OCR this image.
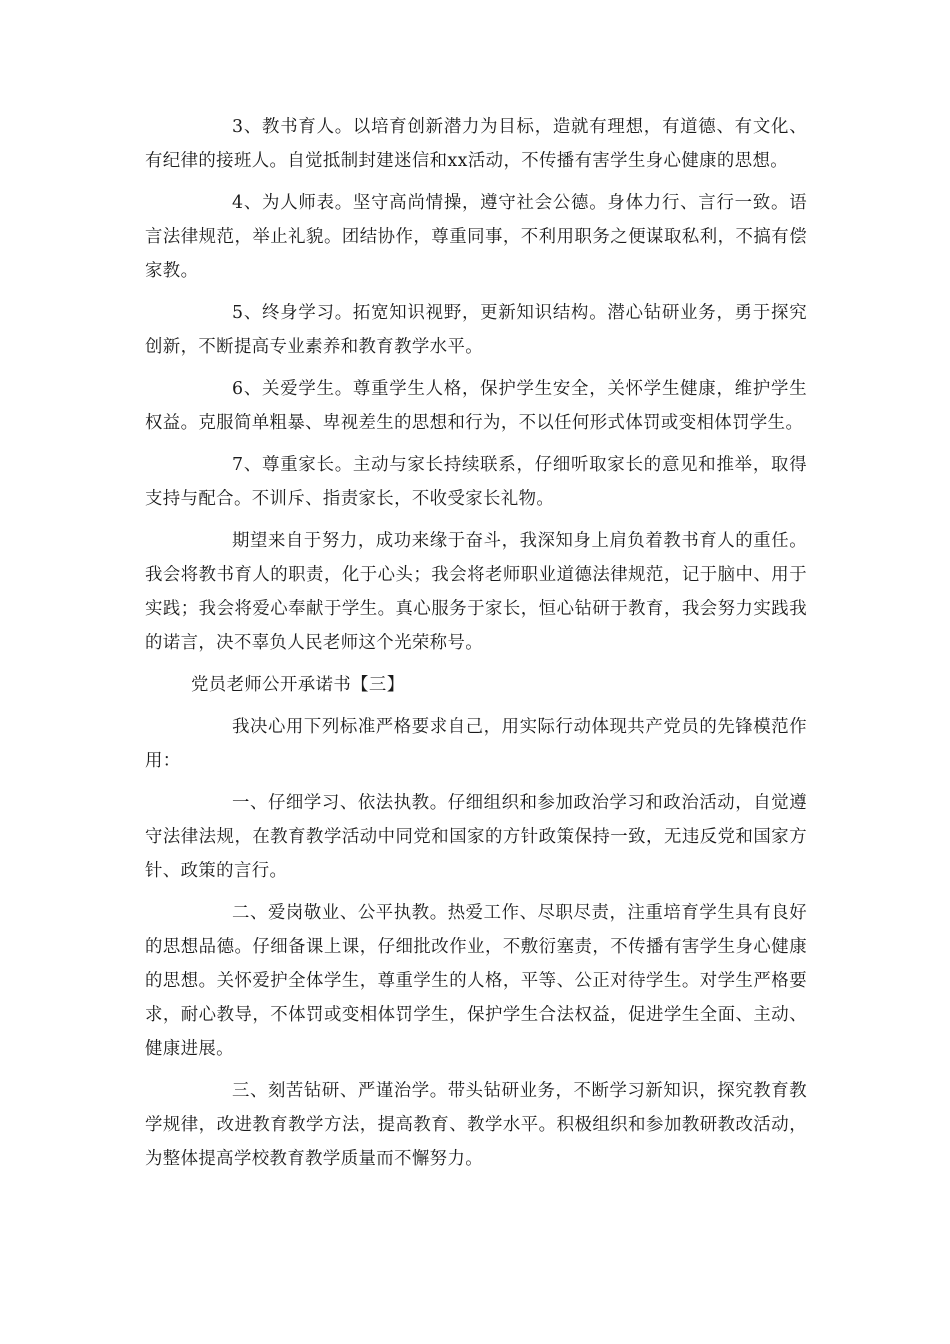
3、教书育人。以培育创新潜力为目标，造就有理想，有道德、有文化、有纪律的接班人。自觉抵制封建迷信和xx活动，不传播有害学生身心健康的思想。

4、为人师表。坚守高尚情操，遵守社会公德。身体力行、言行一致。语言法律规范，举止礼貌。团结协作，尊重同事，不利用职务之便谋取私利，不搞有偿家教。

5、终身学习。拓宽知识视野，更新知识结构。潜心钻研业务，勇于探究创新，不断提高专业素养和教育教学水平。

6、关爱学生。尊重学生人格，保护学生安全，关怀学生健康，维护学生权益。克服简单粗暴、卑视差生的思想和行为，不以任何形式体罚或变相体罚学生。

7、尊重家长。主动与家长持续联系，仔细听取家长的意见和推举，取得支持与配合。不训斥、指责家长，不收受家长礼物。

期望来自于努力，成功来缘于奋斗，我深知身上肩负着教书育人的重任。我会将教书育人的职责，化于心头；我会将老师职业道德法律规范，记于脑中、用于实践；我会将爱心奉献于学生。真心服务于家长，恒心钻研于教育，我会努力实践我的诺言，决不辜负人民老师这个光荣称号。

党员老师公开承诺书【三】

我决心用下列标准严格要求自己，用实际行动体现共产党员的先锋模范作用：

一、仔细学习、依法执教。仔细组织和参加政治学习和政治活动，自觉遵守法律法规，在教育教学活动中同党和国家的方针政策保持一致，无违反党和国家方针、政策的言行。

二、爱岗敬业、公平执教。热爱工作、尽职尽责，注重培育学生具有良好的思想品德。仔细备课上课，仔细批改作业，不敷衍塞责，不传播有害学生身心健康的思想。关怀爱护全体学生，尊重学生的人格，平等、公正对待学生。对学生严格要求，耐心教导，不体罚或变相体罚学生，保护学生合法权益，促进学生全面、主动、健康进展。

三、刻苦钻研、严谨治学。带头钻研业务，不断学习新知识，探究教育教学规律，改进教育教学方法，提高教育、教学水平。积极组织和参加教研教改活动，为整体提高学校教育教学质量而不懈努力。
